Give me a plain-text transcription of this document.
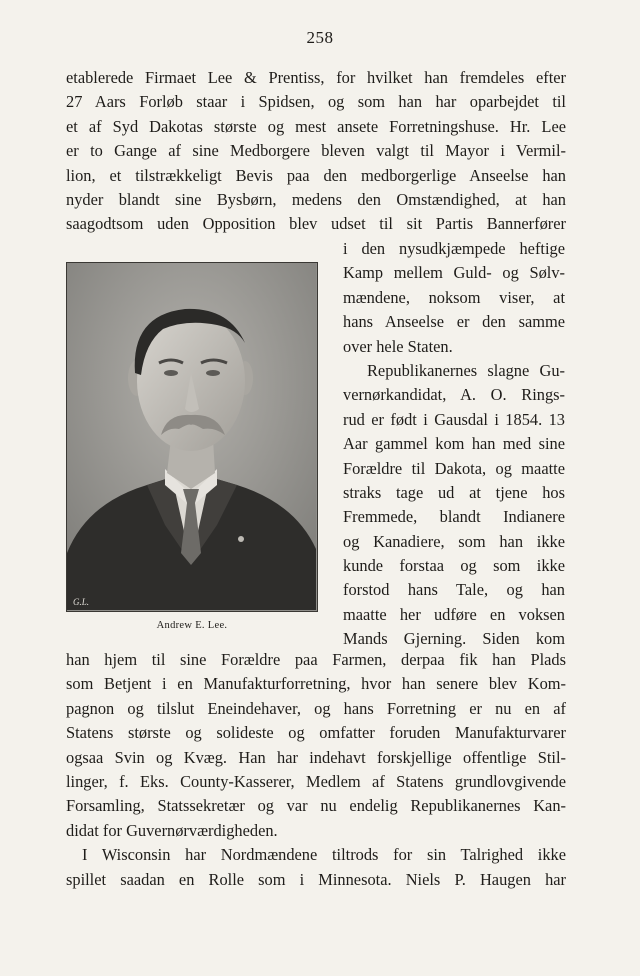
258
etablerede Firmaet Lee & Prentiss, for hvilket han fremdeles efter
27 Aars Forløb staar i Spidsen, og som han har oparbejdet til
et af Syd Dakotas største og mest ansete Forretningshuse. Hr. Lee
er to Gange af sine Medborgere bleven valgt til Mayor i Vermil-
lion, et tilstrækkeligt Bevis paa den medborgerlige Anseelse han
nyder blandt sine Bysbørn, medens den Omstændighed, at han
saagodtsom uden Opposition blev udset til sit Partis Bannerfører
G.L.
Andrew E. Lee.
i den nysudkjæmpede heftige
Kamp mellem Guld- og Sølv-
mændene, noksom viser, at
hans Anseelse er den samme
over hele Staten.
Republikanernes slagne Gu-
vernørkandidat, A. O. Rings-
rud er født i Gausdal i 1854. 13
Aar gammel kom han med sine
Forældre til Dakota, og maatte
straks tage ud at tjene hos
Fremmede, blandt Indianere
og Kanadiere, som han ikke
kunde forstaa og som ikke
forstod hans Tale, og han
maatte her udføre en voksen
Mands Gjerning. Siden kom
han hjem til sine Forældre paa Farmen, derpaa fik han Plads
som Betjent i en Manufakturforretning, hvor han senere blev Kom-
pagnon og tilslut Eneindehaver, og hans Forretning er nu en af
Statens største og solideste og omfatter foruden Manufakturvarer
ogsaa Svin og Kvæg. Han har indehavt forskjellige offentlige Stil-
linger, f. Eks. County-Kasserer, Medlem af Statens grundlovgivende
Forsamling, Statssekretær og var nu endelig Republikanernes Kan-
didat for Guvernørværdigheden.
I Wisconsin har Nordmændene tiltrods for sin Talrighed ikke
spillet saadan en Rolle som i Minnesota. Niels P. Haugen har
